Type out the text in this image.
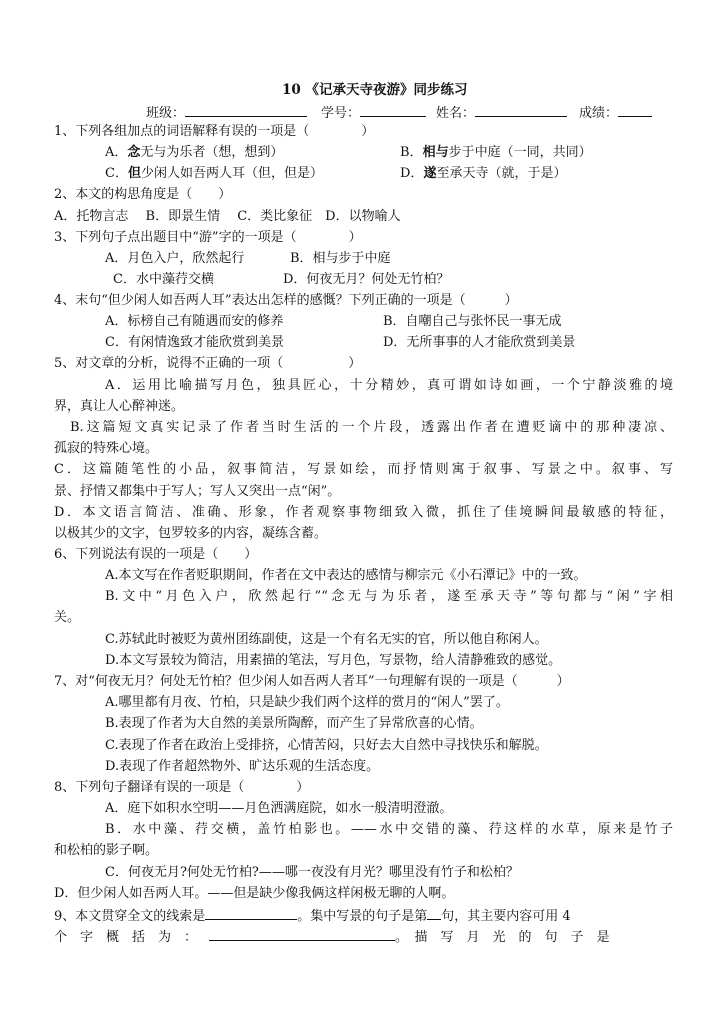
10 《记承天寺夜游》同步练习
班级：	学号：	姓名：	成绩：
1、下列各组加点的词语解释有误的一项是（　　　　）
A．念无与为乐者（想，想到）	B．相与步于中庭（一同，共同）
C．但少闲人如吾两人耳（但，但是）	D．遂至承天寺（就，于是）
2、本文的构思角度是（　　）
A．托物言志　 B．即景生情　 C．类比象征　D．以物喻人
3、下列句子点出题目中“游”字的一项是（　　　　）
A．月色入户，欣然起行	B．相与步于中庭
C．水中藻荇交横	D．何夜无月？何处无竹柏？
4、末句“但少闲人如吾两人耳”表达出怎样的感慨？下列正确的一项是（　　　）
A．标榜自己有随遇而安的修养	B．自嘲自己与张怀民一事无成
C．有闲情逸致才能欣赏到美景	D．无所事事的人才能欣赏到美景
5、对文章的分析，说得不正确的一项（　　　　　）
A．运用比喻描写月色，独具匠心，十分精妙，真可谓如诗如画，一个宁静淡雅的境
界，真让人心醉神迷。
B.这篇短文真实记录了作者当时生活的一个片段，透露出作者在遭贬谪中的那种凄凉、
孤寂的特殊心境。
C．这篇随笔性的小品，叙事简洁，写景如绘，而抒情则寓于叙事、写景之中。叙事、写
景、抒情又都集中于写人；写人又突出一点“闲”。
D．本文语言简洁、准确、形象，作者观察事物细致入微，抓住了佳境瞬间最敏感的特征，
以极其少的文字，包罗较多的内容，凝练含蓄。
6、下列说法有误的一项是（　　）
A.本文写在作者贬职期间，作者在文中表达的感情与柳宗元《小石潭记》中的一致。
B.文中“月色入户，欣然起行”“念无与为乐者，遂至承天寺”等句都与“闲”字相
关。
C.苏轼此时被贬为黄州团练副使，这是一个有名无实的官，所以他自称闲人。
D.本文写景较为简洁，用素描的笔法，写月色，写景物，给人清静雅致的感觉。
7、对“何夜无月？何处无竹柏？但少闲人如吾两人者耳”一句理解有误的一项是（　　　）
A.哪里都有月夜、竹柏，只是缺少我们两个这样的赏月的“闲人”罢了。
B.表现了作者为大自然的美景所陶醉，而产生了异常欣喜的心情。
C.表现了作者在政治上受排挤，心情苦闷，只好去大自然中寻找快乐和解脱。
D.表现了作者超然物外、旷达乐观的生活态度。
8、下列句子翻译有误的一项是（　　　　）
A．庭下如积水空明——月色洒满庭院，如水一般清明澄澈。
B．水中藻、荇交横，盖竹柏影也。——水中交错的藻、荇这样的水草，原来是竹子
和松柏的影子啊。
C．何夜无月?何处无竹柏?——哪一夜没有月光？哪里没有竹子和松柏？
D．但少闲人如吾两人耳。——但是缺少像我俩这样闲极无聊的人啊。
9、本文贯穿全文的线索是	。集中写景的句子是第 句，其主要内容可用 4
个　字　概　括　为　：	。　描　写　月　光　的　句　子　是
